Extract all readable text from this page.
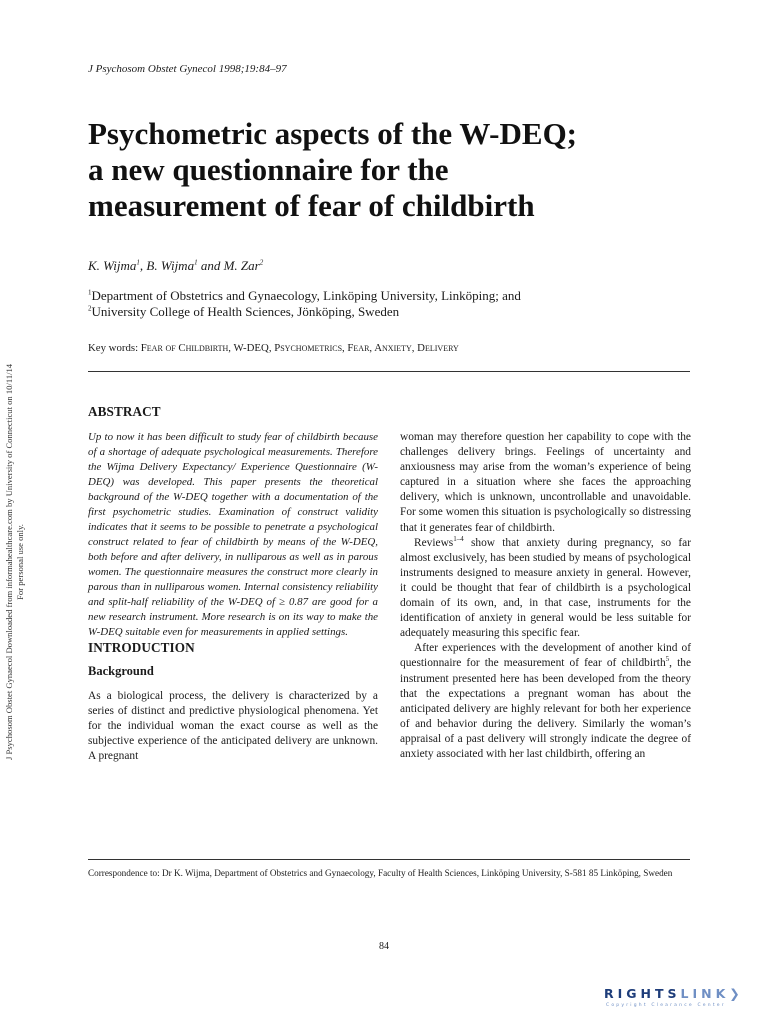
J Psychosom Obstet Gynaecol Downloaded from informahealthcare.com by University of Connecticut on 10/11/14 For personal use only.
J Psychosom Obstet Gynecol 1998;19:84–97
Psychometric aspects of the W-DEQ;
a new questionnaire for the
measurement of fear of childbirth
K. Wijma$^1$, B. Wijma$^1$ and M. Zar$^2$
$^1$Department of Obstetrics and Gynaecology, Linköping University, Linköping; and
$^2$University College of Health Sciences, Jönköping, Sweden
Key words: Fear of Childbirth, W-DEQ, Psychometrics, Fear, Anxiety, Delivery
ABSTRACT

Up to now it has been difficult to study fear of childbirth because of a shortage of adequate psychological measurements. Therefore the Wijma Delivery Expectancy/ Experience Questionnaire (W-DEQ) was developed. This paper presents the theoretical background of the W-DEQ together with a documentation of the first psychometric studies. Examination of construct validity indicates that it seems to be possible to penetrate a psychological construct related to fear of childbirth by means of the W-DEQ, both before and after delivery, in nulliparous as well as in parous women. The questionnaire measures the construct more clearly in parous than in nulliparous women. Internal consistency reliability and split-half reliability of the W-DEQ of ≥ 0.87 are good for a new research instrument. More research is on its way to make the W-DEQ suitable even for measurements in applied settings.

INTRODUCTION
Background

As a biological process, the delivery is characterized by a series of distinct and predictive physiological phenomena. Yet for the individual woman the exact course as well as the subjective experience of the anticipated delivery are unknown. A pregnant

woman may therefore question her capability to cope with the challenges delivery brings. Feelings of uncertainty and anxiousness may arise from the woman’s experience of being captured in a situation where she faces the approaching delivery, which is unknown, uncontrollable and unavoidable. For some women this situation is psychologically so distressing that it generates fear of childbirth.

Reviews$^{1-4}$ show that anxiety during pregnancy, so far almost exclusively, has been studied by means of psychological instruments designed to measure anxiety in general. However, it could be thought that fear of childbirth is a psychological domain of its own, and, in that case, instruments for the identification of anxiety in general would be less suitable for adequately measuring this specific fear.

After experiences with the development of another kind of questionnaire for the measurement of fear of childbirth$^5$, the instrument presented here has been developed from the theory that the expectations a pregnant woman has about the anticipated delivery are highly relevant for both her experience of and behavior during the delivery. Similarly the woman’s appraisal of a past delivery will strongly indicate the degree of anxiety associated with her last childbirth, offering an

Correspondence to: Dr K. Wijma, Department of Obstetrics and Gynaecology, Faculty of Health Sciences, Linköping University, S-581 85 Linköping, Sweden
84
RIGHTSLINK❯
Copyright Clearance Center
